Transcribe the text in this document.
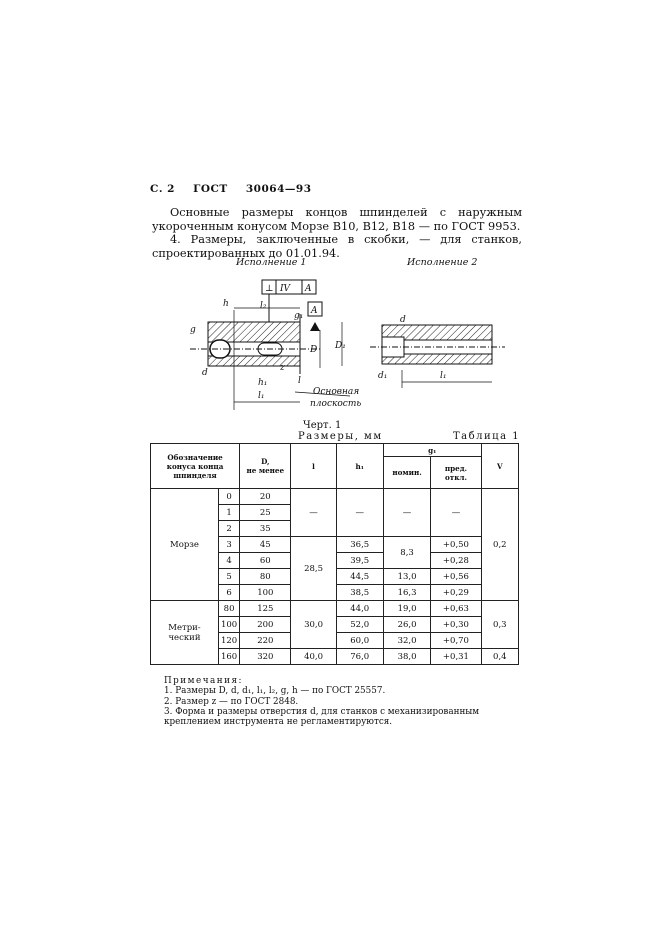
С. 2 ГОСТ 30064—93

Основные размеры концов шпинделей с наружным укороченным конусом Морзе B10, B12, B18 — по ГОСТ 9953.

4. Размеры, заключенные в скобки, — для станков, спроектированных до 01.01.94.

Исполнение 1	Исполнение 2
⊥ IV A
A
h	l₂
g₁
g
D D₁
d	z
h₁
l₁
l
Основная
плоскость
d
d₁	l₁
Черт. 1
Размеры, мм	Таблица 1
Обозначение конуса конца шпинделя		D,
не менее	l	h₁	g₁		V
					номин.	пред. откл.	
Морзе	0	20	—	—	—	—	0,2
	1	25					
	2	35					
	3	45	28,5	36,5	8,3	+0,50	
	4	60		39,5		+0,28	
	5	80		44,5	13,0	+0,56	
	6	100		38,5	16,3	+0,29	
Метри-ческий	80	125	30,0	44,0	19,0	+0,63	0,3
	100	200		52,0	26,0	+0,30	
	120	220		60,0	32,0	+0,70	
	160	320	40,0	76,0	38,0	+0,31	0,4

Примечания:

1. Размеры D, d, d₁, l₁, l₂, g, h — по ГОСТ 25557.

2. Размер z — по ГОСТ 2848.

3. Форма и размеры отверстия d, для станков с механизированным креплением инструмента не регламентируются.
